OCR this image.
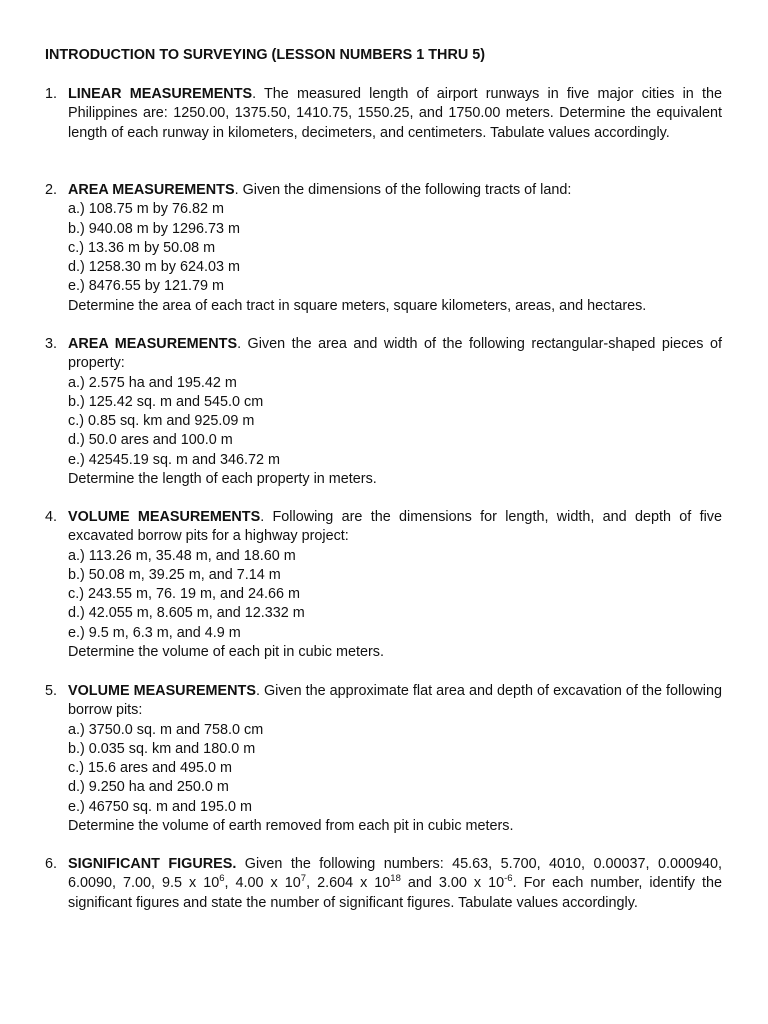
INTRODUCTION TO SURVEYING (LESSON NUMBERS 1 THRU 5)
1. LINEAR MEASUREMENTS. The measured length of airport runways in five major cities in the Philippines are: 1250.00, 1375.50, 1410.75, 1550.25, and 1750.00 meters. Determine the equivalent length of each runway in kilometers, decimeters, and centimeters. Tabulate values accordingly.
2. AREA MEASUREMENTS. Given the dimensions of the following tracts of land:
a.) 108.75 m by 76.82 m
b.) 940.08 m by 1296.73 m
c.) 13.36 m by 50.08 m
d.) 1258.30 m by 624.03 m
e.) 8476.55 by 121.79 m
Determine the area of each tract in square meters, square kilometers, areas, and hectares.
3. AREA MEASUREMENTS. Given the area and width of the following rectangular-shaped pieces of property:
a.) 2.575 ha and 195.42 m
b.) 125.42 sq. m and 545.0 cm
c.) 0.85 sq. km and 925.09 m
d.) 50.0 ares and 100.0 m
e.) 42545.19 sq. m and 346.72 m
Determine the length of each property in meters.
4. VOLUME MEASUREMENTS. Following are the dimensions for length, width, and depth of five excavated borrow pits for a highway project:
a.) 113.26 m, 35.48 m, and 18.60 m
b.) 50.08 m, 39.25 m, and 7.14 m
c.) 243.55 m, 76. 19 m, and 24.66 m
d.) 42.055 m, 8.605 m, and 12.332 m
e.) 9.5 m, 6.3 m, and 4.9 m
Determine the volume of each pit in cubic meters.
5. VOLUME MEASUREMENTS. Given the approximate flat area and depth of excavation of the following borrow pits:
a.) 3750.0 sq. m and 758.0 cm
b.) 0.035 sq. km and 180.0 m
c.) 15.6 ares and 495.0 m
d.) 9.250 ha and 250.0 m
e.) 46750 sq. m and 195.0 m
Determine the volume of earth removed from each pit in cubic meters.
6. SIGNIFICANT FIGURES. Given the following numbers: 45.63, 5.700, 4010, 0.00037, 0.000940, 6.0090, 7.00, 9.5 x $10^6$, 4.00 x $10^7$, 2.604 x $10^{18}$ and 3.00 x $10^{-6}$. For each number, identify the significant figures and state the number of significant figures. Tabulate values accordingly.
